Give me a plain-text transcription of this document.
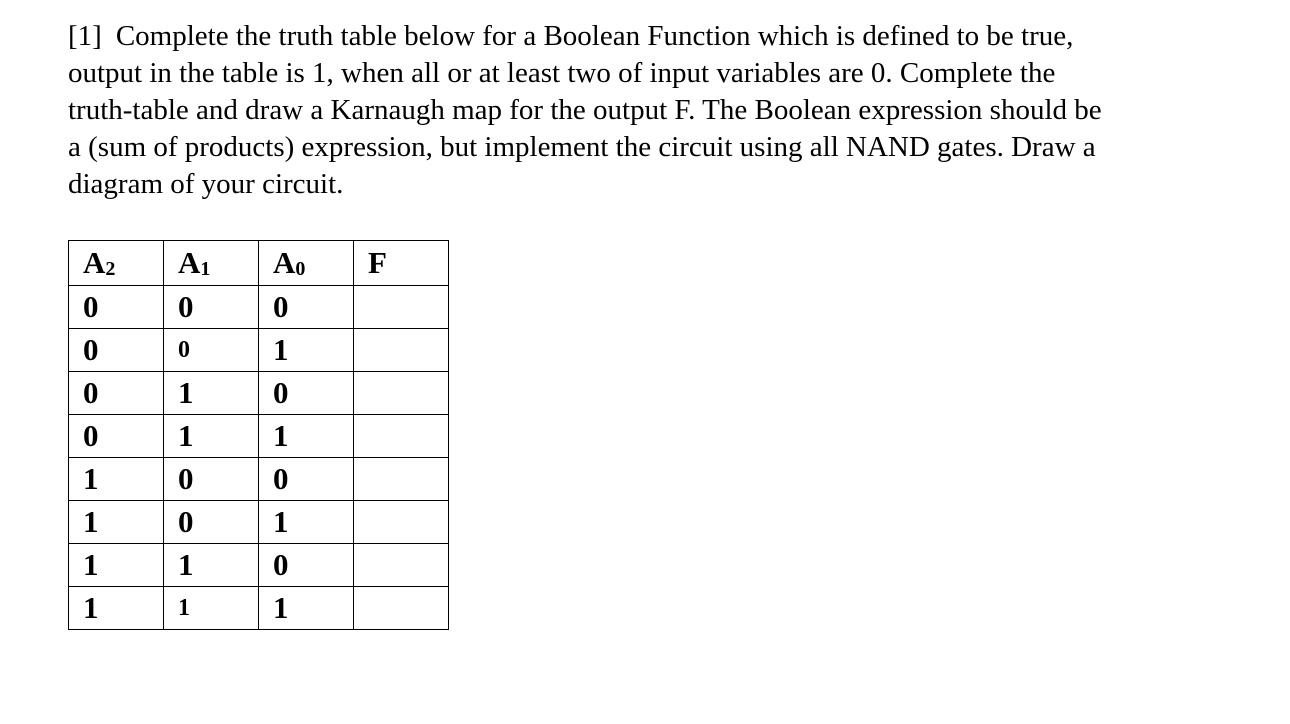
[1] Complete the truth table below for a Boolean Function which is defined to be true,
output in the table is 1, when all or at least two of input variables are 0. Complete the
truth-table and draw a Karnaugh map for the output F. The Boolean expression should be
a (sum of products) expression, but implement the circuit using all NAND gates. Draw a
diagram of your circuit.
A2	A1	A0	F
0	0	0	
0	0	1	
0	1	0	
0	1	1	
1	0	0	
1	0	1	
1	1	0	
1	1	1	
